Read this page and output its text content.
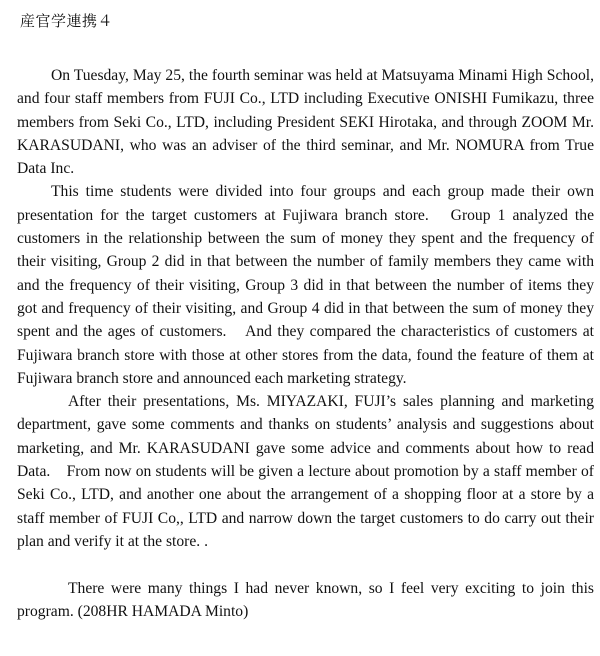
産官学連携４

On Tuesday, May 25, the fourth seminar was held at Matsuyama Minami High School, and four staff members from FUJI Co., LTD including Executive ONISHI Fumikazu, three members from Seki Co., LTD, including President SEKI Hirotaka, and through ZOOM Mr. KARASUDANI, who was an adviser of the third seminar, and Mr. NOMURA from True Data Inc.

This time students were divided into four groups and each group made their own presentation for the target customers at Fujiwara branch store.　Group 1 analyzed the customers in the relationship between the sum of money they spent and the frequency of their visiting, Group 2 did in that between the number of family members they came with and the frequency of their visiting, Group 3 did in that between the number of items they got and frequency of their visiting, and Group 4 did in that between the sum of money they spent and the ages of customers.　And they compared the characteristics of customers at Fujiwara branch store with those at other stores from the data, found the feature of them at Fujiwara branch store and announced each marketing strategy.

After their presentations, Ms. MIYAZAKI, FUJI’s sales planning and marketing department, gave some comments and thanks on students’ analysis and suggestions about marketing, and Mr. KARASUDANI gave some advice and comments about how to read Data.　From now on students will be given a lecture about promotion by a staff member of Seki Co., LTD, and another one about the arrangement of a shopping floor at a store by a staff member of FUJI Co,, LTD and narrow down the target customers to do carry out their plan and verify it at the store. .

There were many things I had never known, so I feel very exciting to join this program. (208HR HAMADA Minto)
